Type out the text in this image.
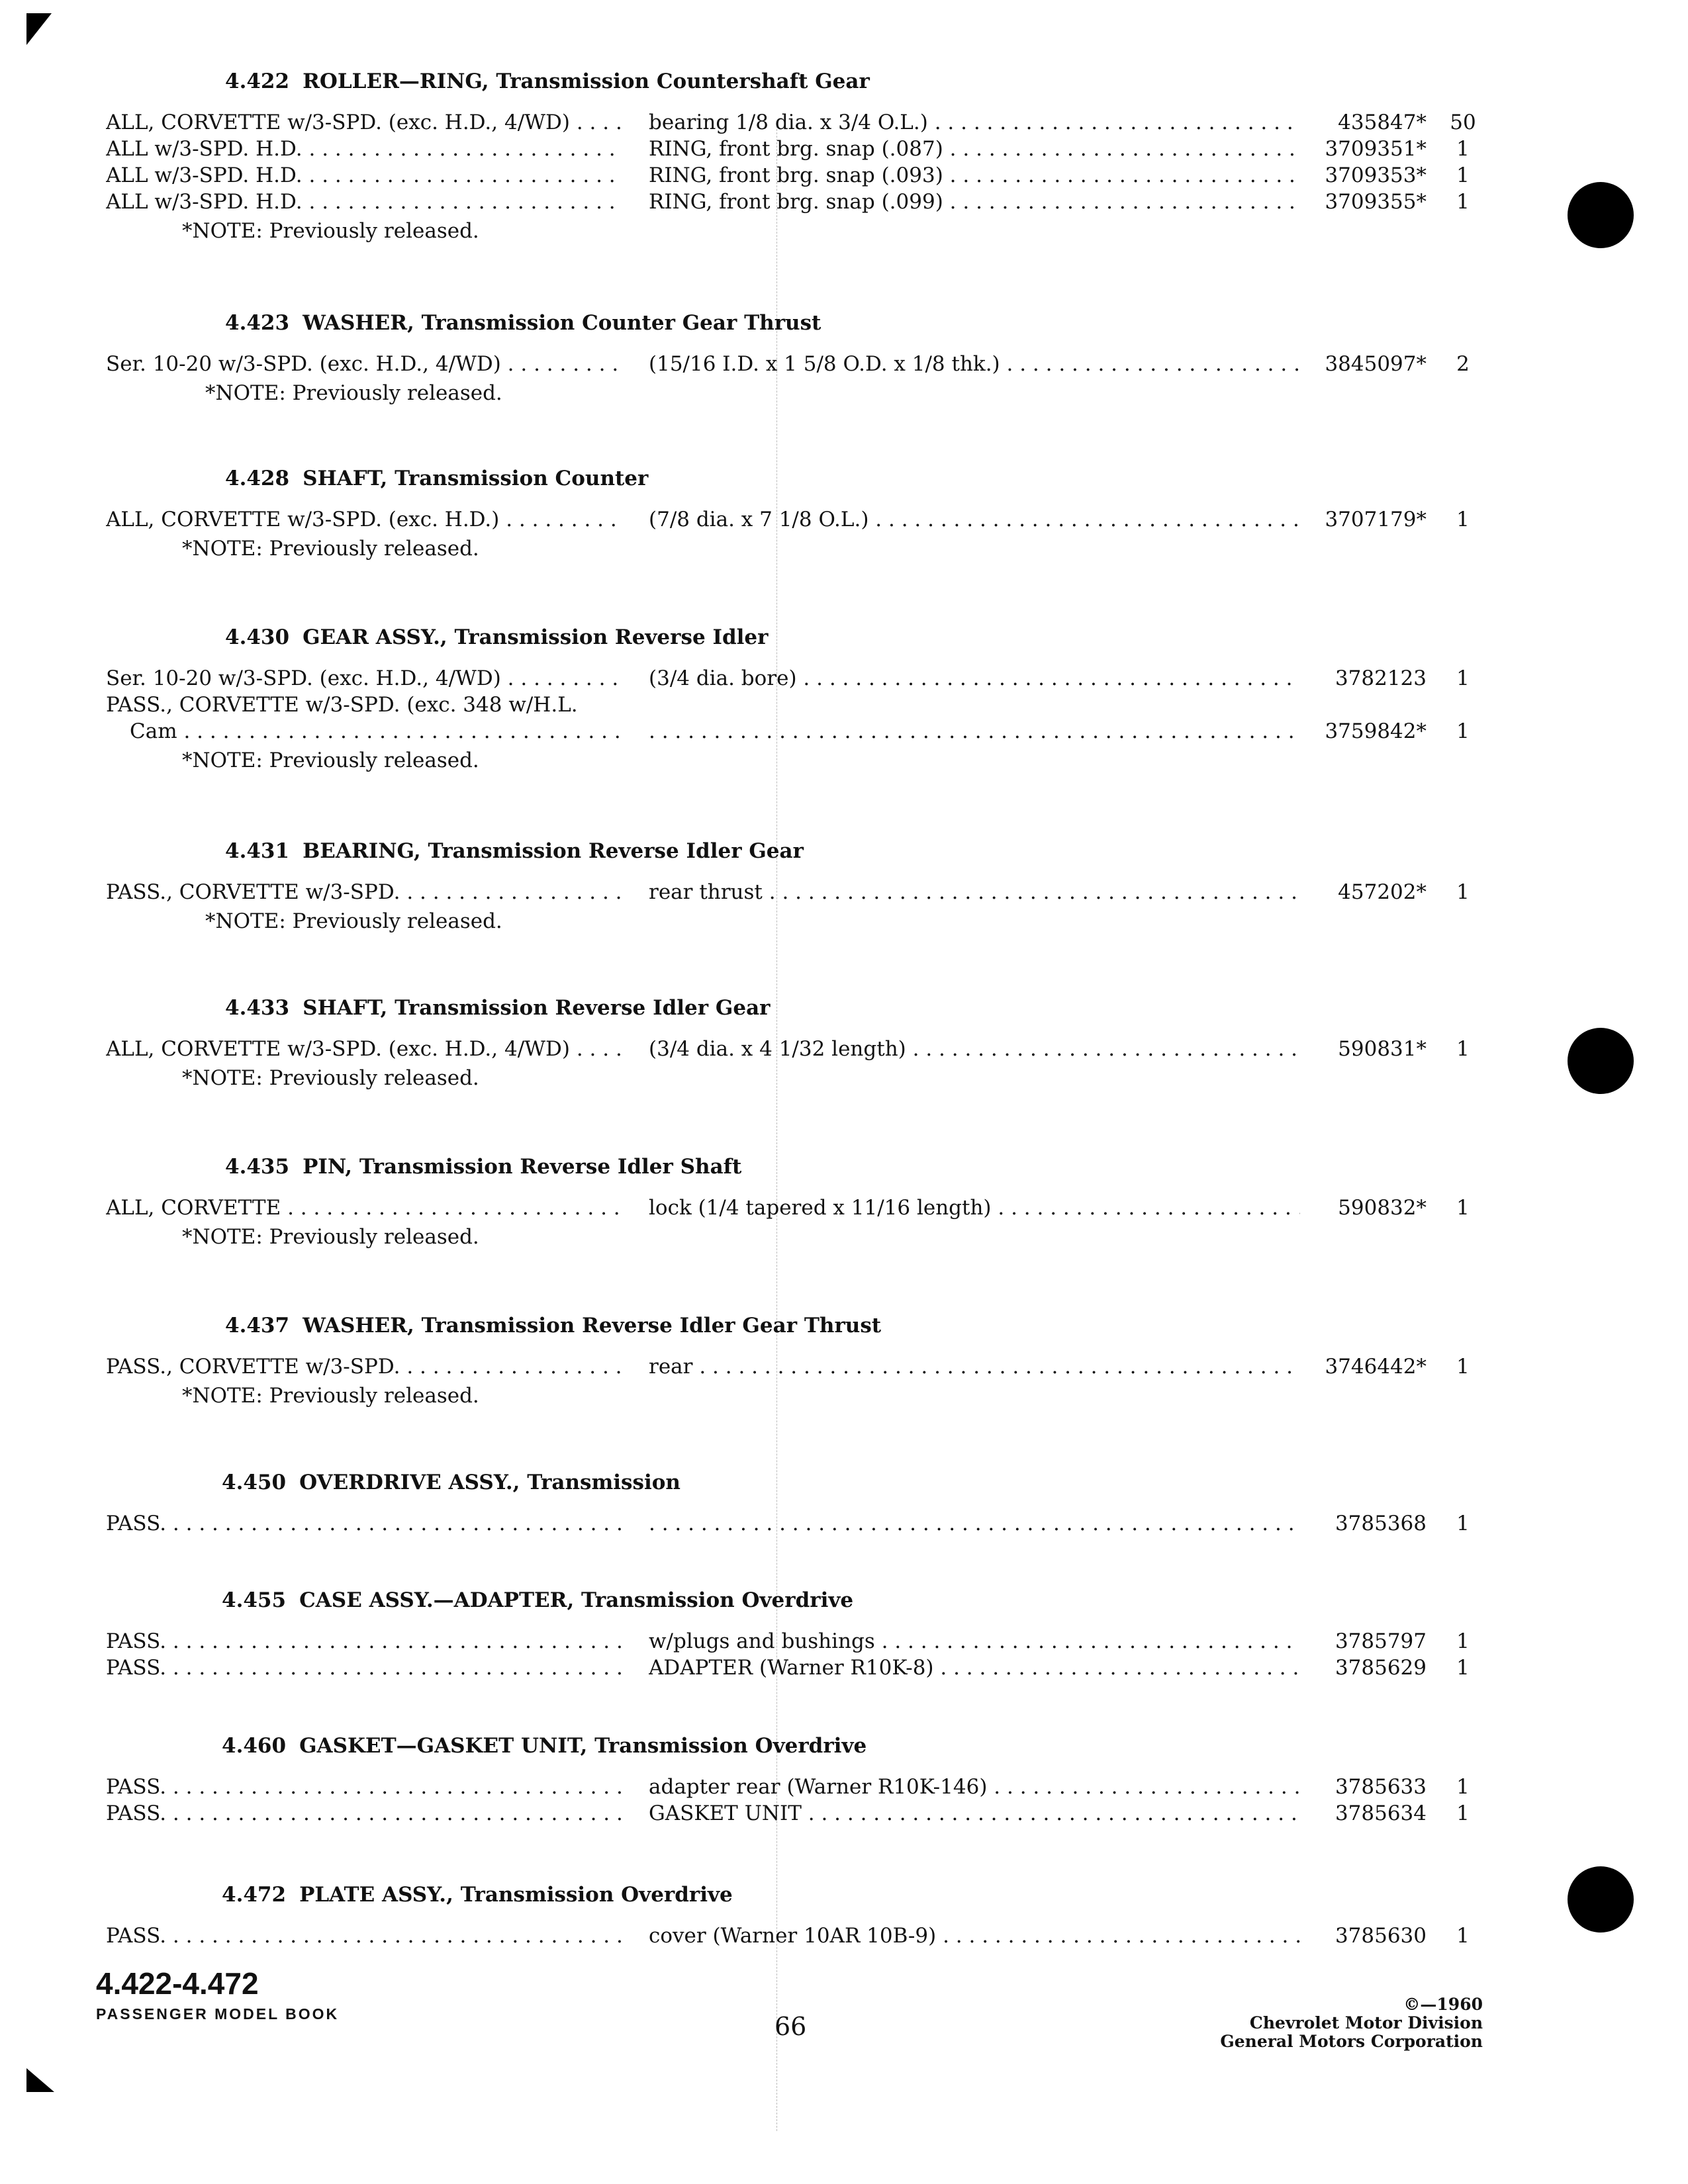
4.422 ROLLER—RING, Transmission Countershaft Gear
ALL, CORVETTE w/3-SPD. (exc. H.D., 4/WD) . . .	bearing 1/8 dia. x 3/4 O.L.) . . .	435847*	50
ALL w/3-SPD. H.D. . . .	RING, front brg. snap (.087) . . .	3709351*	1
ALL w/3-SPD. H.D. . . .	RING, front brg. snap (.093) . . .	3709353*	1
ALL w/3-SPD. H.D. . . .	RING, front brg. snap (.099) . . .	3709355*	1
*NOTE: Previously released.
4.423 WASHER, Transmission Counter Gear Thrust
Ser. 10-20 w/3-SPD. (exc. H.D., 4/WD) . . .	(15/16 I.D. x 1 5/8 O.D. x 1/8 thk.) . . .	3845097*	2
*NOTE: Previously released.
4.428 SHAFT, Transmission Counter
ALL, CORVETTE w/3-SPD. (exc. H.D.) . . .	(7/8 dia. x 7 1/8 O.L.) . . .	3707179*	1
*NOTE: Previously released.
4.430 GEAR ASSY., Transmission Reverse Idler
Ser. 10-20 w/3-SPD. (exc. H.D., 4/WD) . . .	(3/4 dia. bore) . . .	3782123	1
PASS., CORVETTE w/3-SPD. (exc. 348 w/H.L.
Cam . . . . . .	3759842*	1
*NOTE: Previously released.
4.431 BEARING, Transmission Reverse Idler Gear
PASS., CORVETTE w/3-SPD. . . .	rear thrust . . .	457202*	1
*NOTE: Previously released.
4.433 SHAFT, Transmission Reverse Idler Gear
ALL, CORVETTE w/3-SPD. (exc. H.D., 4/WD) . . .	(3/4 dia. x 4 1/32 length) . . .	590831*	1
*NOTE: Previously released.
4.435 PIN, Transmission Reverse Idler Shaft
ALL, CORVETTE . . .	lock (1/4 tapered x 11/16 length) . . .	590832*	1
*NOTE: Previously released.
4.437 WASHER, Transmission Reverse Idler Gear Thrust
PASS., CORVETTE w/3-SPD. . . .	rear . . .	3746442*	1
*NOTE: Previously released.
4.450 OVERDRIVE ASSY., Transmission
PASS. . . . . . .	3785368	1
4.455 CASE ASSY.—ADAPTER, Transmission Overdrive
PASS. . . .	w/plugs and bushings . . .	3785797	1
PASS. . . .	ADAPTER (Warner R10K-8) . . .	3785629	1
4.460 GASKET—GASKET UNIT, Transmission Overdrive
PASS. . . .	adapter rear (Warner R10K-146) . . .	3785633	1
PASS. . . .	GASKET UNIT . . .	3785634	1
4.472 PLATE ASSY., Transmission Overdrive
PASS. . . .	cover (Warner 10AR 10B-9) . . .	3785630	1
4.422-4.472
PASSENGER MODEL BOOK	66
©—1960
Chevrolet Motor Division
General Motors Corporation
